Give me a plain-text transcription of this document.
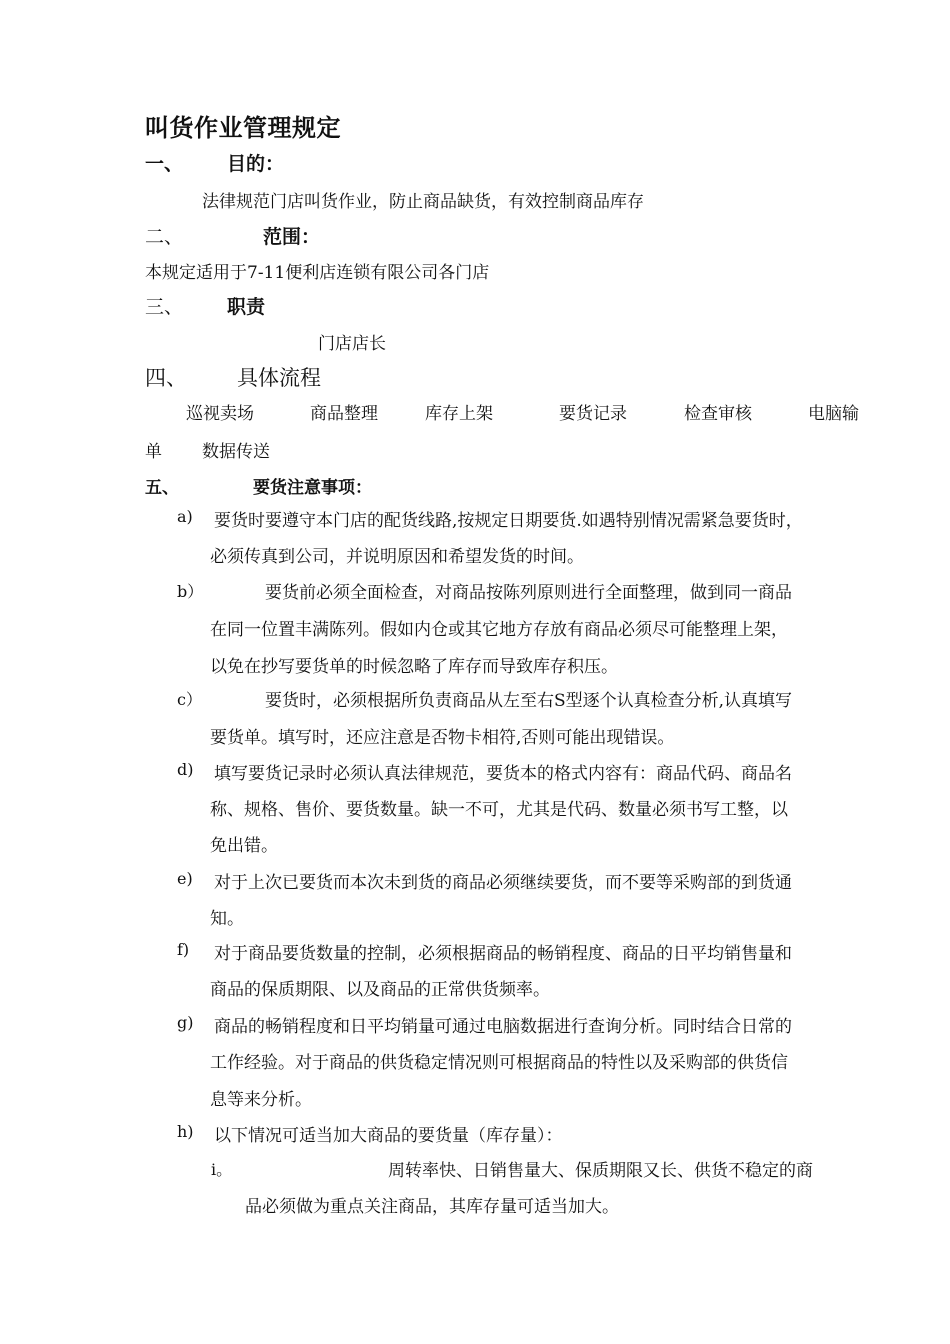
叫货作业管理规定
一、 目的：
法律规范门店叫货作业，防止商品缺货，有效控制商品库存
二、	范围：
本规定适用于7-11便利店连锁有限公司各门店
三、 职责
门店店长
四、 具体流程
巡视卖场	商品整理	库存上架	要货记录	检查审核	电脑输
单 数据传送
五、	要货注意事项：
a) 要货时要遵守本门店的配货线路,按规定日期要货.如遇特别情况需紧急要货时，
必须传真到公司，并说明原因和希望发货的时间。
b）	要货前必须全面检查，对商品按陈列原则进行全面整理，做到同一商品
在同一位置丰满陈列。假如内仓或其它地方存放有商品必须尽可能整理上架，
以免在抄写要货单的时候忽略了库存而导致库存积压。
c）	要货时，必须根据所负责商品从左至右S型逐个认真检查分析,认真填写
要货单。填写时，还应注意是否物卡相符,否则可能出现错误。
d) 填写要货记录时必须认真法律规范，要货本的格式内容有：商品代码、商品名
称、规格、售价、要货数量。缺一不可，尤其是代码、数量必须书写工整，以
免出错。
e) 对于上次已要货而本次未到货的商品必须继续要货，而不要等采购部的到货通
知。
f) 对于商品要货数量的控制，必须根据商品的畅销程度、商品的日平均销售量和
商品的保质期限、以及商品的正常供货频率。
g) 商品的畅销程度和日平均销量可通过电脑数据进行查询分析。同时结合日常的
工作经验。对于商品的供货稳定情况则可根据商品的特性以及采购部的供货信
息等来分析。
h) 以下情况可适当加大商品的要货量（库存量）：
i。	周转率快、日销售量大、保质期限又长、供货不稳定的商
品必须做为重点关注商品，其库存量可适当加大。
